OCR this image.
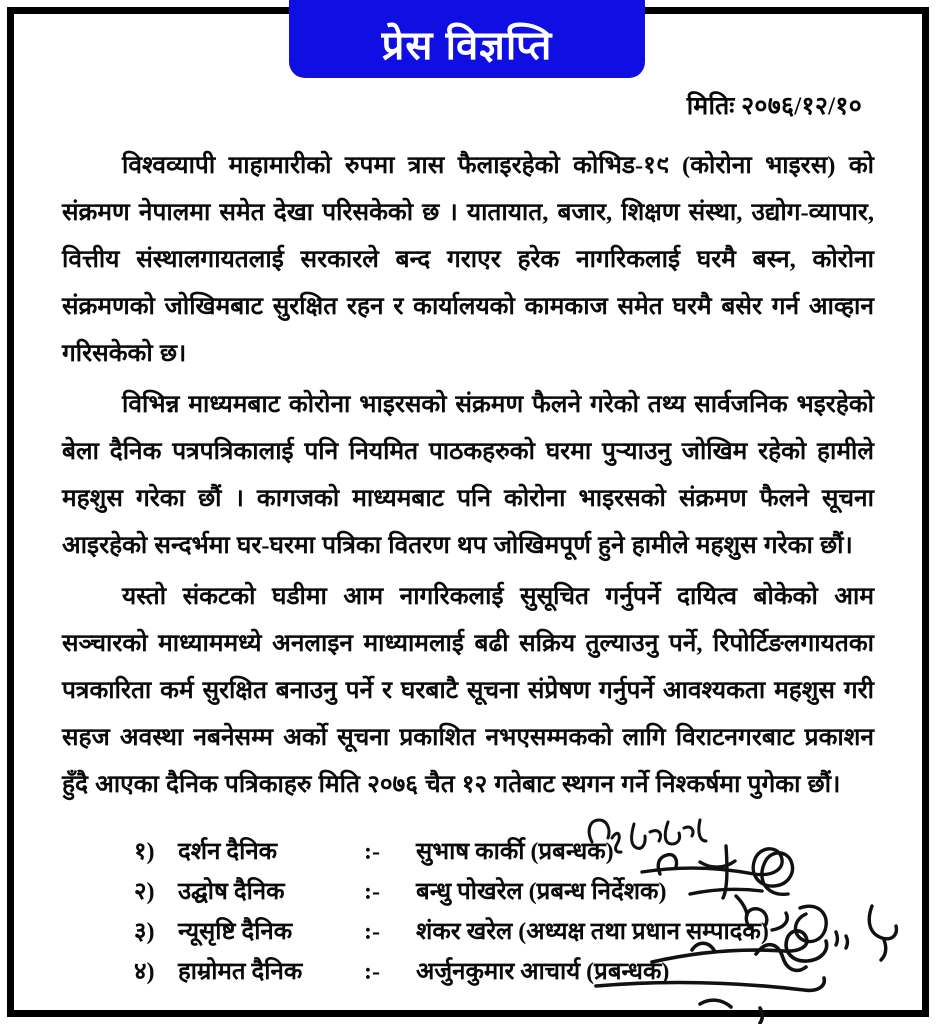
प्रेस विज्ञप्ति
मितिः २०७६/१२/१०

विश्वव्यापी माहामारीको रुपमा त्रास फैलाइरहेको कोभिड-१९ (कोरोना भाइरस) को संक्रमण नेपालमा समेत देखा परिसकेको छ । यातायात, बजार, शिक्षण संस्था, उद्योग-व्यापार, वित्तीय संस्थालगायतलाई सरकारले बन्द गराएर हरेक नागरिकलाई घरमै बस्न, कोरोना संक्रमणको जोखिमबाट सुरक्षित रहन र कार्यालयको कामकाज समेत घरमै बसेर गर्न आव्हान गरिसकेको छ।

विभिन्न माध्यमबाट कोरोना भाइरसको संक्रमण फैलने गरेको तथ्य सार्वजनिक भइरहेको बेला दैनिक पत्रपत्रिकालाई पनि नियमित पाठकहरुको घरमा पुऱ्याउनु जोखिम रहेको हामीले महशुस गरेका छौं । कागजको माध्यमबाट पनि कोरोना भाइरसको संक्रमण फैलने सूचना आइरहेको सन्दर्भमा घर-घरमा पत्रिका वितरण थप जोखिमपूर्ण हुने हामीले महशुस गरेका छौं।

यस्तो संकटको घडीमा आम नागरिकलाई सुसूचित गर्नुपर्ने दायित्व बोकेको आम सञ्चारको माध्याममध्ये अनलाइन माध्यामलाई बढी सक्रिय तुल्याउनु पर्ने, रिपोर्टिङलगायतका पत्रकारिता कर्म सुरक्षित बनाउनु पर्ने र घरबाटै सूचना संप्रेषण गर्नुपर्ने आवश्यकता महशुस गरी सहज अवस्था नबनेसम्म अर्को सूचना प्रकाशित नभएसम्मकको लागि विराटनगरबाट प्रकाशन हुँदै आएका दैनिक पत्रिकाहरु मिति २०७६ चैत १२ गतेबाट स्थगन गर्ने निश्कर्षमा पुगेका छौं।

१) दर्शन दैनिक	:-	सुभाष कार्की (प्रबन्धक)
२) उद्घोष दैनिक	:-	बन्धु पोखरेल (प्रबन्ध निर्देशक)
३) न्यूसृष्टि दैनिक	:-	शंकर खरेल (अध्यक्ष तथा प्रधान सम्पादक)
४) हाम्रोमत दैनिक	:-	अर्जुनकुमार आचार्य (प्रबन्धक)
